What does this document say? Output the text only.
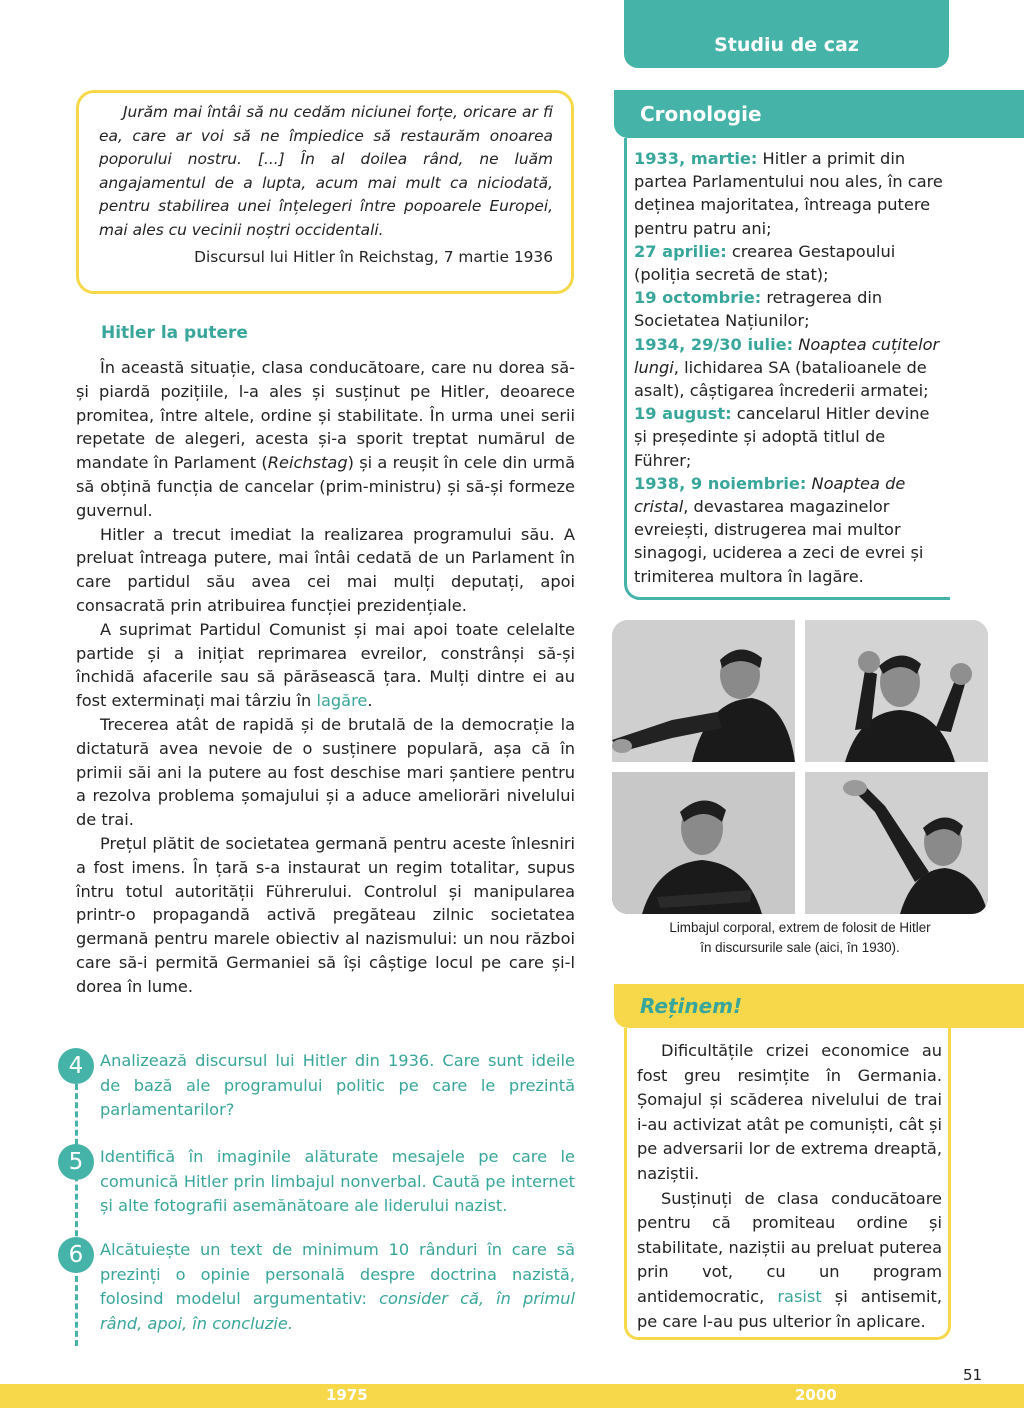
Studiu de caz

Jurăm mai întâi să nu cedăm niciunei forțe, oricare ar fi ea, care ar voi să ne împiedice să restaurăm onoarea poporului nostru. [...] În al doilea rând, ne luăm angajamentul de a lupta, acum mai mult ca niciodată, pentru stabilirea unei înțelegeri între popoarele Europei, mai ales cu vecinii noștri occidentali.

Discursul lui Hitler în Reichstag, 7 martie 1936

Hitler la putere

În această situație, clasa conducătoare, care nu dorea să-și piardă pozițiile, l-a ales și susținut pe Hitler, deoarece promitea, între altele, ordine și stabilitate. În urma unei serii repetate de alegeri, acesta și-a sporit treptat numărul de mandate în Parlament (Reichstag) și a reușit în cele din urmă să obțină funcția de cancelar (prim-ministru) și să-și formeze guvernul.

Hitler a trecut imediat la realizarea programului său. A preluat întreaga putere, mai întâi cedată de un Parlament în care partidul său avea cei mai mulți deputați, apoi consacrată prin atribuirea funcției prezidențiale.

A suprimat Partidul Comunist și mai apoi toate celelalte partide și a inițiat reprimarea evreilor, constrânși să-și închidă afacerile sau să părăsească țara. Mulți dintre ei au fost exterminați mai târziu în lagăre.

Trecerea atât de rapidă și de brutală de la democrație la dictatură avea nevoie de o susținere populară, așa că în primii săi ani la putere au fost deschise mari șantiere pentru a rezolva problema șomajului și a aduce ameliorări nivelului de trai.

Prețul plătit de societatea germană pentru aceste înlesniri a fost imens. În țară s-a instaurat un regim totalitar, supus întru totul autorității Führerului. Controlul și manipularea printr-o propagandă activă pregăteau zilnic societatea germană pentru marele obiectiv al nazismului: un nou război care să-i permită Germaniei să își câștige locul pe care și-l dorea în lume.

4	Analizează discursul lui Hitler din 1936. Care sunt ideile de bază ale programului politic pe care le prezintă parlamentarilor?
5	Identifică în imaginile alăturate mesajele pe care le comunică Hitler prin limbajul nonverbal. Caută pe internet și alte fotografii asemănătoare ale liderului nazist.
6	Alcătuiește un text de minimum 10 rânduri în care să prezinți o opinie personală despre doctrina nazistă, folosind modelul argumentativ: consider că, în primul rând, apoi, în concluzie.
Cronologie
1933, martie: Hitler a primit din partea Parlamentului nou ales, în care deținea majoritatea, întreaga putere pentru patru ani;
27 aprilie: crearea Gestapoului (poliția secretă de stat);
19 octombrie: retragerea din Societatea Națiunilor;
1934, 29/30 iulie: Noaptea cuțitelor lungi, lichidarea SA (batalioanele de asalt), câștigarea încrederii armatei;
19 august: cancelarul Hitler devine și președinte și adoptă titlul de Führer;
1938, 9 noiembrie: Noaptea de cristal, devastarea magazinelor evreiești, distrugerea mai multor sinagogi, uciderea a zeci de evrei și trimiterea multora în lagăre.
Limbajul corporal, extrem de folosit de Hitler
în discursurile sale (aici, în 1930).
Reținem!

Dificultățile crizei economice au fost greu resimțite în Germania. Șomajul și scăderea nivelului de trai i-au activizat atât pe comuniști, cât și pe adversarii lor de extrema dreaptă, naziștii.

Susținuți de clasa conducătoare pentru că promiteau ordine și stabilitate, naziștii au preluat puterea prin vot, cu un program antidemocratic, rasist și antisemit, pe care l-au pus ulterior în aplicare.

51
1975	2000
